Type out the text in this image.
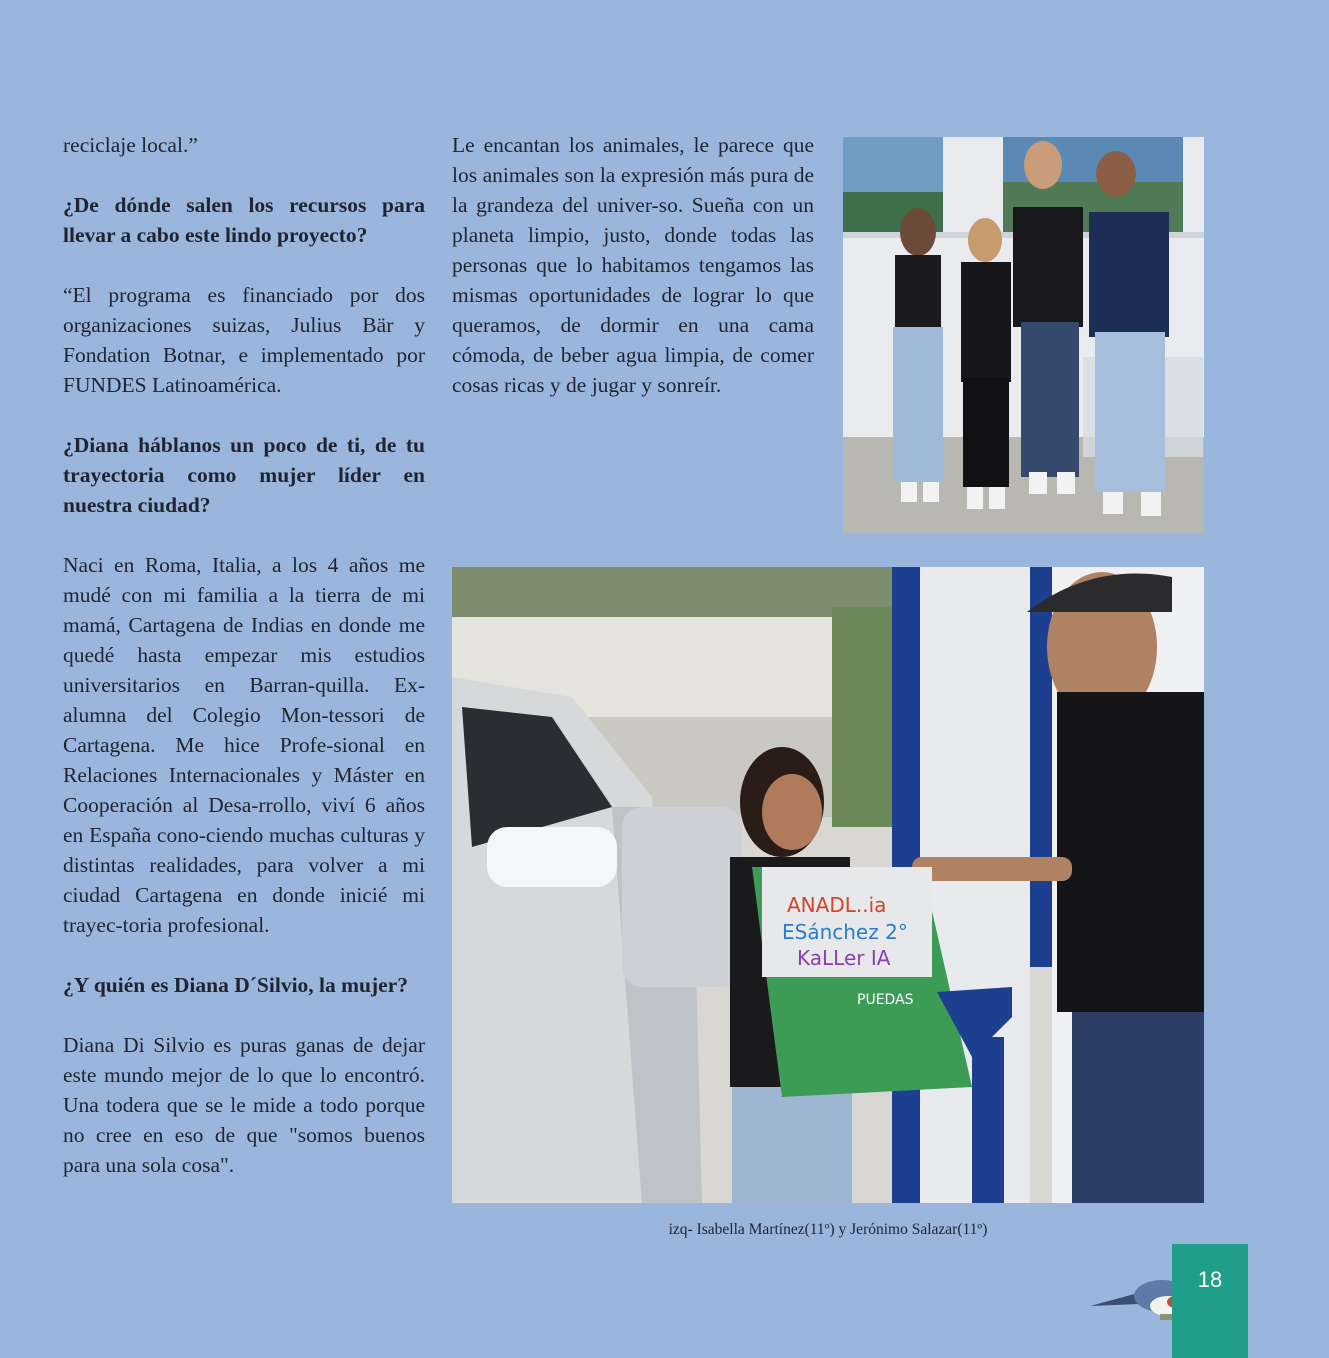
reciclaje local.”

¿De dónde salen los recursos para llevar a cabo este lindo proyecto?

“El programa es financiado por dos organizaciones suizas, Julius Bär y Fondation Botnar, e implementado por FUNDES Latinoamérica.

¿Diana háblanos un poco de ti, de tu trayectoria como mujer líder en nuestra ciudad?

Naci en Roma, Italia, a los 4 años me mudé con mi familia a la tierra de mi mamá, Cartagena de Indias en donde me quedé hasta empezar mis estudios universitarios en Barran-quilla. Ex-alumna del Colegio Mon-tessori de Cartagena. Me hice Profe-sional en Relaciones Internacionales y Máster en Cooperación al Desa-rrollo, viví 6 años en España cono-ciendo muchas culturas y distintas realidades, para volver a mi ciudad Cartagena en donde inicié mi trayec-toria profesional.

¿Y quién es Diana D´Silvio, la mujer?

Diana Di Silvio es puras ganas de dejar este mundo mejor de lo que lo encontró. Una todera que se le mide a todo porque no cree en eso de que "somos buenos para una sola cosa".

Le encantan los animales, le parece que los animales son la expresión más pura de la grandeza del univer-so. Sueña con un planeta limpio, justo, donde todas las personas que lo habitamos tengamos las mismas oportunidades de lograr lo que queramos, de dormir en una cama cómoda, de beber agua limpia, de comer cosas ricas y de jugar y sonreír.

ANADL..ia
ESánchez 2°
KaLLer IA
PUEDAS
izq- Isabella Martínez(11º) y Jerónimo Salazar(11º)
18
